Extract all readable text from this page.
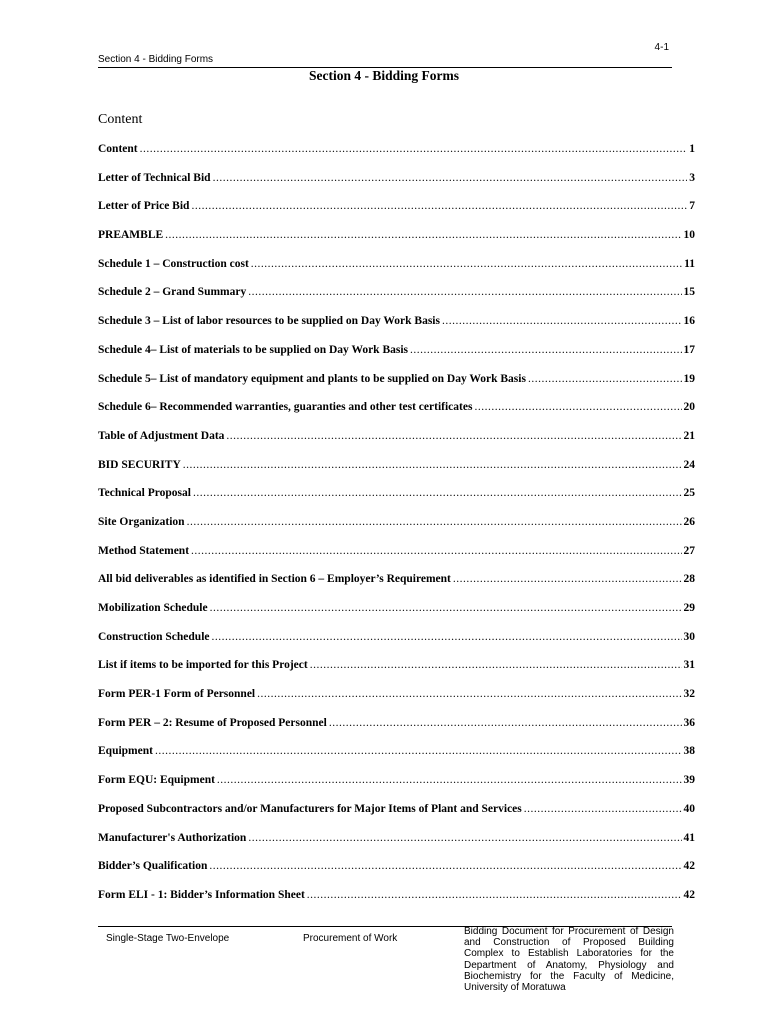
4-1
Section 4 - Bidding Forms
Section 4 - Bidding Forms
Content
Content .....	1
Letter of Technical Bid .....	3
Letter of Price Bid .....	7
PREAMBLE .....	10
Schedule 1 – Construction cost .....	11
Schedule 2 – Grand Summary .....	15
Schedule 3 – List of labor resources to be supplied on Day Work Basis .....	16
Schedule 4– List of materials to be supplied on Day Work Basis .....	17
Schedule 5– List of mandatory equipment and plants to be supplied on Day Work Basis .....	19
Schedule 6– Recommended warranties, guaranties and other test certificates .....	20
Table of Adjustment Data .....	21
BID SECURITY .....	24
Technical Proposal .....	25
Site Organization .....	26
Method Statement .....	27
All bid deliverables as identified in Section 6 – Employer’s Requirement .....	28
Mobilization Schedule .....	29
Construction Schedule .....	30
List if items to be imported for this Project .....	31
Form PER-1 Form of Personnel .....	32
Form PER – 2: Resume of Proposed Personnel .....	36
Equipment .....	38
Form EQU: Equipment .....	39
Proposed Subcontractors and/or Manufacturers for Major Items of Plant and Services .....	40
Manufacturer's Authorization .....	41
Bidder’s Qualification .....	42
Form ELI - 1: Bidder’s Information Sheet .....	42
Single-Stage Two-Envelope	Procurement of Work
Bidding Document for Procurement of Design
and Construction of Proposed Building
Complex to Establish Laboratories for the
Department of Anatomy, Physiology and
Biochemistry for the Faculty of Medicine,
University of Moratuwa
